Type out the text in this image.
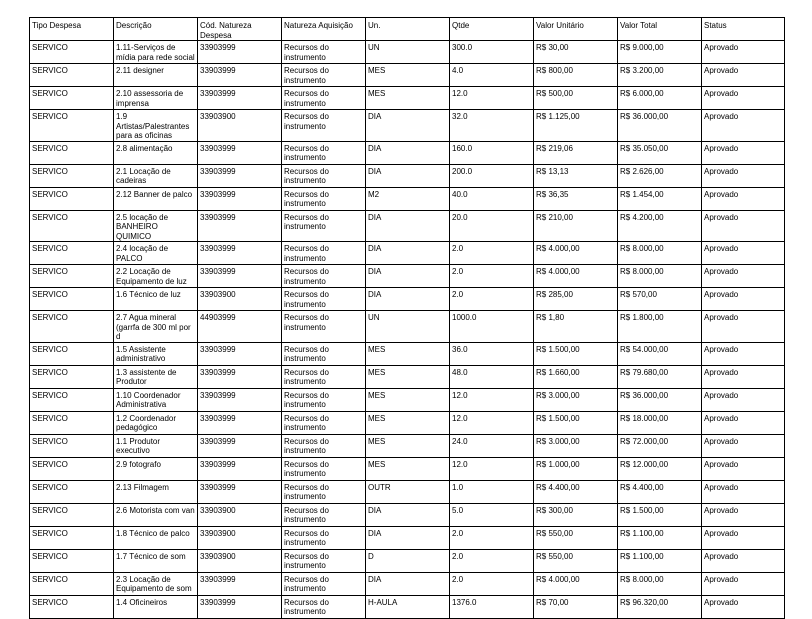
Tipo Despesa	Descrição	Cód. Natureza Despesa	Natureza Aquisição	Un.	Qtde	Valor Unitário	Valor Total	Status
SERVICO	1.11-Serviços de mídia para rede social	33903999	Recursos do instrumento	UN	300.0	R$ 30,00	R$ 9.000,00	Aprovado
SERVICO	2.11 designer	33903999	Recursos do instrumento	MES	4.0	R$ 800,00	R$ 3.200,00	Aprovado
SERVICO	2.10 assessoria de imprensa	33903999	Recursos do instrumento	MES	12.0	R$ 500,00	R$ 6.000,00	Aprovado
SERVICO	1.9 Artistas/Palestrantes para as oficinas	33903900	Recursos do instrumento	DIA	32.0	R$ 1.125,00	R$ 36.000,00	Aprovado
SERVICO	2.8 alimentação	33903999	Recursos do instrumento	DIA	160.0	R$ 219,06	R$ 35.050,00	Aprovado
SERVICO	2.1 Locação de cadeiras	33903999	Recursos do instrumento	DIA	200.0	R$ 13,13	R$ 2.626,00	Aprovado
SERVICO	2.12 Banner de palco	33903999	Recursos do instrumento	M2	40.0	R$ 36,35	R$ 1.454,00	Aprovado
SERVICO	2.5 locação de BANHEIRO QUIMICO	33903999	Recursos do instrumento	DIA	20.0	R$ 210,00	R$ 4.200,00	Aprovado
SERVICO	2.4 locação de PALCO	33903999	Recursos do instrumento	DIA	2.0	R$ 4.000,00	R$ 8.000,00	Aprovado
SERVICO	2.2 Locação de Equipamento de luz	33903999	Recursos do instrumento	DIA	2.0	R$ 4.000,00	R$ 8.000,00	Aprovado
SERVICO	1.6 Técnico de luz	33903900	Recursos do instrumento	DIA	2.0	R$ 285,00	R$ 570,00	Aprovado
SERVICO	2.7 Agua mineral (garrfa de 300 ml por d	44903999	Recursos do instrumento	UN	1000.0	R$ 1,80	R$ 1.800,00	Aprovado
SERVICO	1.5 Assistente administrativo	33903999	Recursos do instrumento	MES	36.0	R$ 1.500,00	R$ 54.000,00	Aprovado
SERVICO	1.3 assistente de Produtor	33903999	Recursos do instrumento	MES	48.0	R$ 1.660,00	R$ 79.680,00	Aprovado
SERVICO	1.10 Coordenador Administrativa	33903999	Recursos do instrumento	MES	12.0	R$ 3.000,00	R$ 36.000,00	Aprovado
SERVICO	1.2 Coordenador pedagógico	33903999	Recursos do instrumento	MES	12.0	R$ 1.500,00	R$ 18.000,00	Aprovado
SERVICO	1.1 Produtor executivo	33903999	Recursos do instrumento	MES	24.0	R$ 3.000,00	R$ 72.000,00	Aprovado
SERVICO	2.9 fotografo	33903999	Recursos do instrumento	MES	12.0	R$ 1.000,00	R$ 12.000,00	Aprovado
SERVICO	2.13 Filmagem	33903999	Recursos do instrumento	OUTR	1.0	R$ 4.400,00	R$ 4.400,00	Aprovado
SERVICO	2.6 Motorista com van	33903900	Recursos do instrumento	DIA	5.0	R$ 300,00	R$ 1.500,00	Aprovado
SERVICO	1.8 Técnico de palco	33903900	Recursos do instrumento	DIA	2.0	R$ 550,00	R$ 1.100,00	Aprovado
SERVICO	1.7 Técnico de som	33903900	Recursos do instrumento	D	2.0	R$ 550,00	R$ 1.100,00	Aprovado
SERVICO	2.3 Locação de Equipamento de som	33903999	Recursos do instrumento	DIA	2.0	R$ 4.000,00	R$ 8.000,00	Aprovado
SERVICO	1.4 Oficineiros	33903999	Recursos do instrumento	H-AULA	1376.0	R$ 70,00	R$ 96.320,00	Aprovado
